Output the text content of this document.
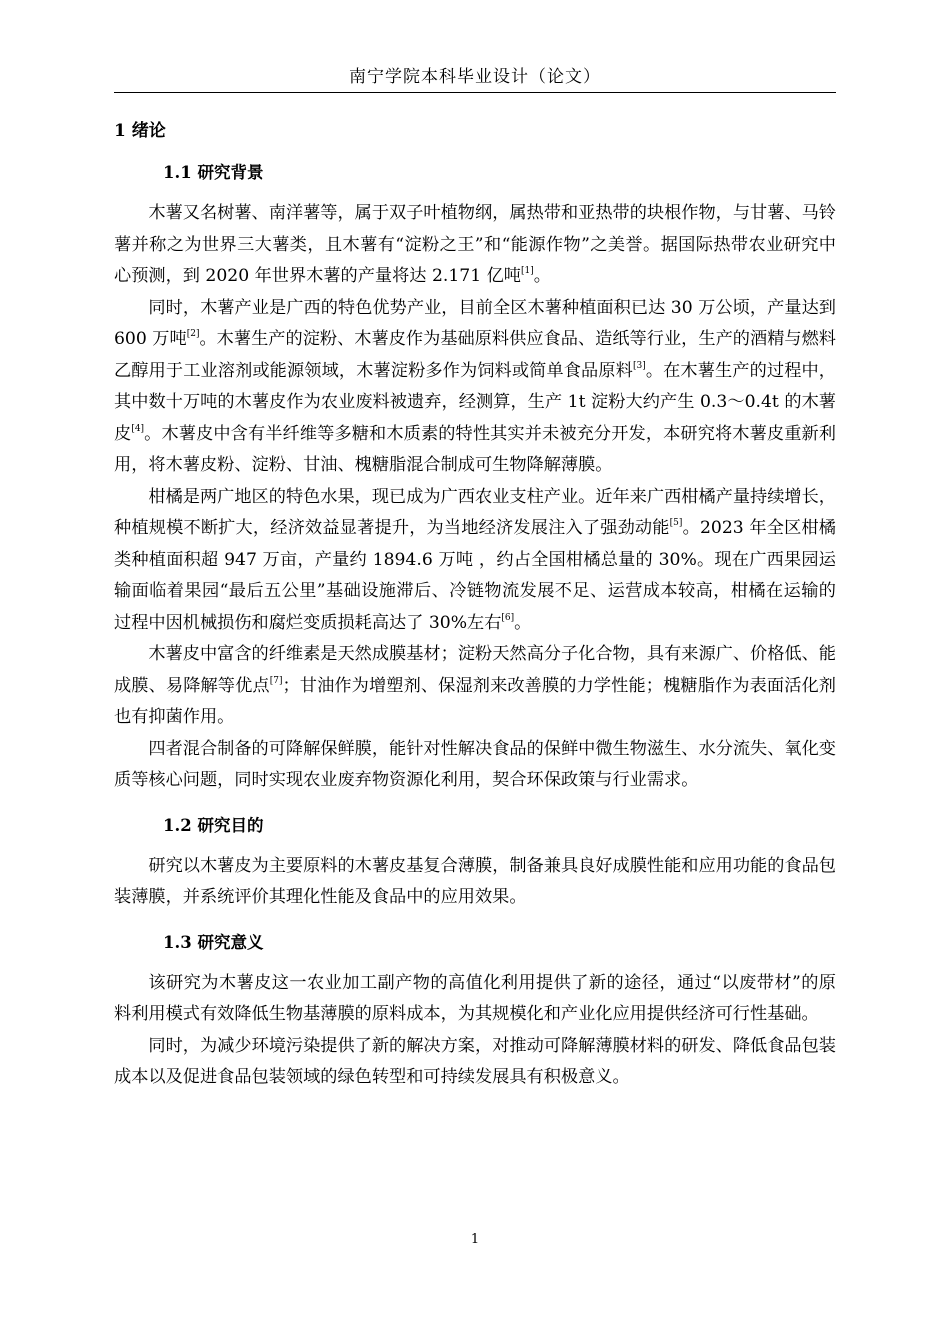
南宁学院本科毕业设计（论文）
1 绪论
1.1 研究背景

木薯又名树薯、南洋薯等，属于双子叶植物纲，属热带和亚热带的块根作物，与甘薯、马铃薯并称之为世界三大薯类，且木薯有“淀粉之王”和“能源作物”之美誉。据国际热带农业研究中心预测，到 2020 年世界木薯的产量将达 2.171 亿吨[1]。

同时，木薯产业是广西的特色优势产业，目前全区木薯种植面积已达 30 万公顷，产量达到 600 万吨[2]。木薯生产的淀粉、木薯皮作为基础原料供应食品、造纸等行业，生产的酒精与燃料乙醇用于工业溶剂或能源领域，木薯淀粉多作为饲料或简单食品原料[3]。在木薯生产的过程中，其中数十万吨的木薯皮作为农业废料被遗弃，经测算，生产 1t 淀粉大约产生 0.3～0.4t 的木薯皮[4]。木薯皮中含有半纤维等多糖和木质素的特性其实并未被充分开发，本研究将木薯皮重新利用，将木薯皮粉、淀粉、甘油、槐糖脂混合制成可生物降解薄膜。

柑橘是两广地区的特色水果，现已成为广西农业支柱产业。近年来广西柑橘产量持续增长，种植规模不断扩大，经济效益显著提升，为当地经济发展注入了强劲动能[5]。2023 年全区柑橘类种植面积超 947 万亩，产量约 1894.6 万吨 ，约占全国柑橘总量的 30%。现在广西果园运输面临着果园“最后五公里”基础设施滞后、冷链物流发展不足、运营成本较高，柑橘在运输的过程中因机械损伤和腐烂变质损耗高达了 30%左右[6]。

木薯皮中富含的纤维素是天然成膜基材；淀粉天然高分子化合物，具有来源广、价格低、能成膜、易降解等优点[7]；甘油作为增塑剂、保湿剂来改善膜的力学性能；槐糖脂作为表面活化剂也有抑菌作用。

四者混合制备的可降解保鲜膜，能针对性解决食品的保鲜中微生物滋生、水分流失、氧化变质等核心问题，同时实现农业废弃物资源化利用，契合环保政策与行业需求。

1.2 研究目的

研究以木薯皮为主要原料的木薯皮基复合薄膜，制备兼具良好成膜性能和应用功能的食品包装薄膜，并系统评价其理化性能及食品中的应用效果。

1.3 研究意义

该研究为木薯皮这一农业加工副产物的高值化利用提供了新的途径，通过“以废带材”的原料利用模式有效降低生物基薄膜的原料成本，为其规模化和产业化应用提供经济可行性基础。

同时，为减少环境污染提供了新的解决方案，对推动可降解薄膜材料的研发、降低食品包装成本以及促进食品包装领域的绿色转型和可持续发展具有积极意义。

1
